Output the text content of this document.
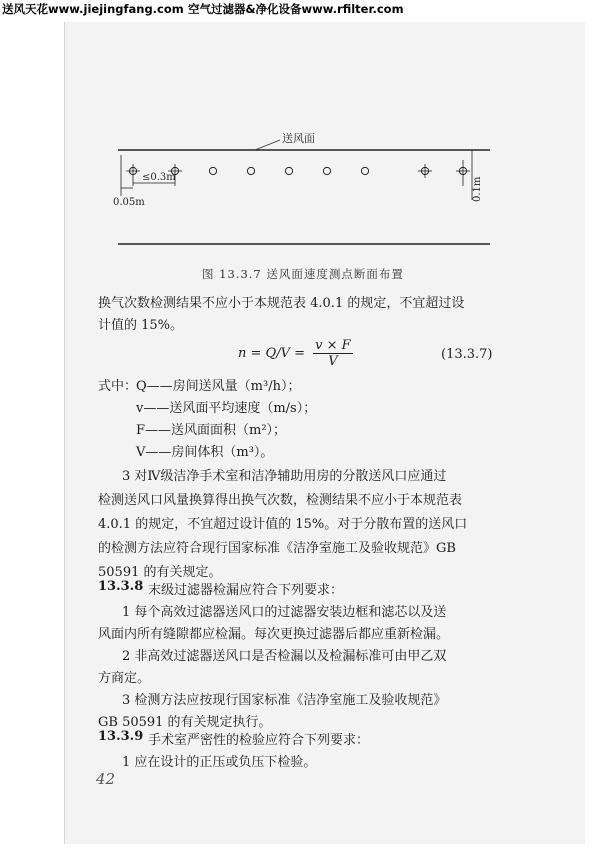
送风天花www.jiejingfang.com 空气过滤器&净化设备www.rfilter.com
送风面
0.05m
≤0.3m	0.1m
图 13.3.7 送风面速度测点断面布置
换气次数检测结果不应小于本规范表 4.0.1 的规定，不宜超过设
计值的 15%。
$n = Q/V = \frac{v \times F}{V}$	(13.3.7)
式中：
Q——房间送风量（m³/h）；
v——送风面平均速度（m/s）；
F——送风面面积（m²）；
V——房间体积（m³）。
3 对Ⅳ级洁净手术室和洁净辅助用房的分散送风口应通过
检测送风口风量换算得出换气次数，检测结果不应小于本规范表
4.0.1 的规定，不宜超过设计值的 15%。对于分散布置的送风口
的检测方法应符合现行国家标准《洁净室施工及验收规范》GB
50591 的有关规定。
13.3.8 末级过滤器检漏应符合下列要求：
1 每个高效过滤器送风口的过滤器安装边框和滤芯以及送
风面内所有缝隙都应检漏。每次更换过滤器后都应重新检漏。
2 非高效过滤器送风口是否检漏以及检漏标准可由甲乙双
方商定。
3 检测方法应按现行国家标准《洁净室施工及验收规范》
GB 50591 的有关规定执行。
13.3.9 手术室严密性的检验应符合下列要求：
1 应在设计的正压或负压下检验。
42
